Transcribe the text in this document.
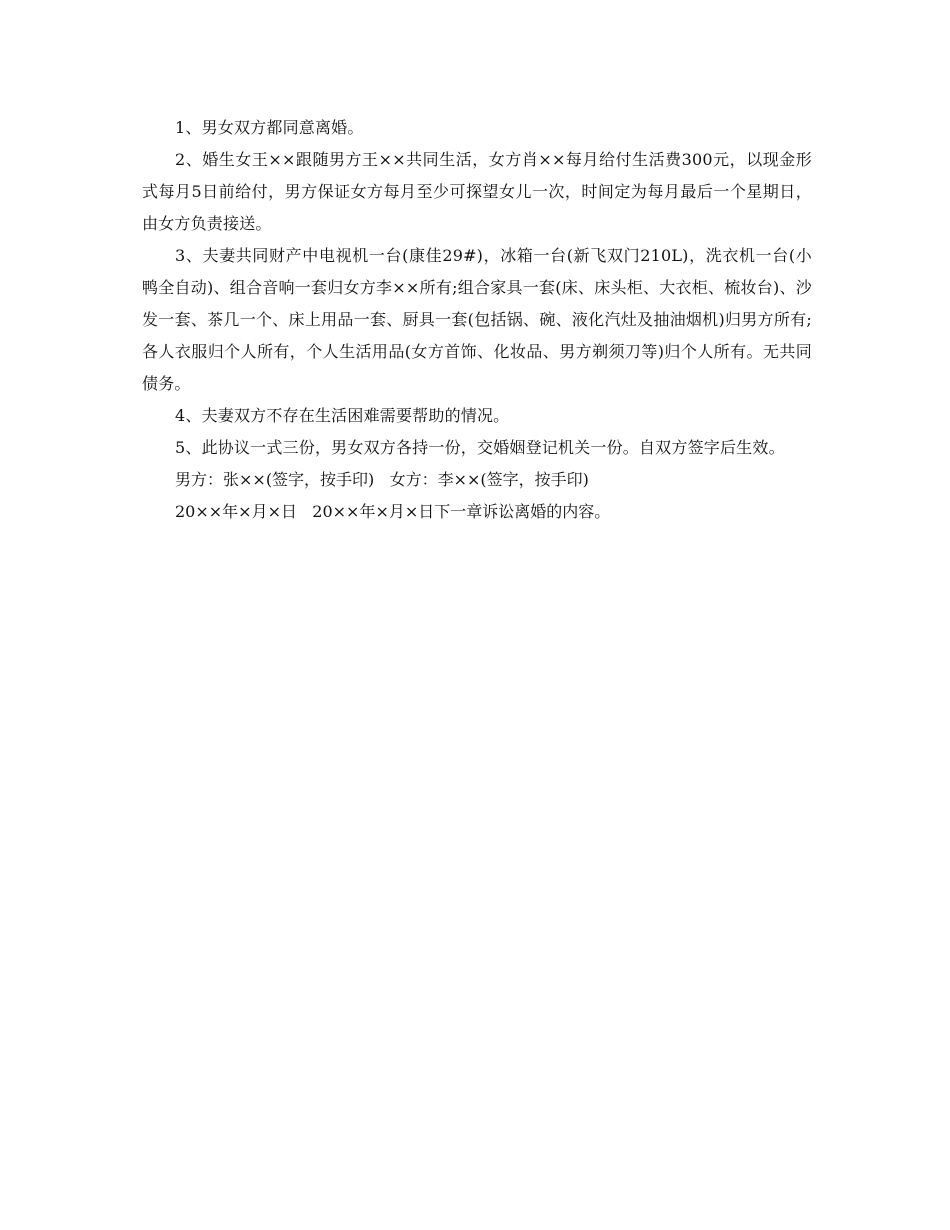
1、男女双方都同意离婚。

2、婚生女王××跟随男方王××共同生活，女方肖××每月给付生活费300元，以现金形式每月5日前给付，男方保证女方每月至少可探望女儿一次，时间定为每月最后一个星期日，由女方负责接送。

3、夫妻共同财产中电视机一台(康佳29#)，冰箱一台(新飞双门210L)，洗衣机一台(小鸭全自动)、组合音响一套归女方李××所有;组合家具一套(床、床头柜、大衣柜、梳妆台)、沙发一套、茶几一个、床上用品一套、厨具一套(包括锅、碗、液化汽灶及抽油烟机)归男方所有;各人衣服归个人所有，个人生活用品(女方首饰、化妆品、男方剃须刀等)归个人所有。无共同债务。

4、夫妻双方不存在生活困难需要帮助的情况。

5、此协议一式三份，男女双方各持一份，交婚姻登记机关一份。自双方签字后生效。

男方：张××(签字，按手印) 女方：李××(签字，按手印)

20××年×月×日 20××年×月×日下一章诉讼离婚的内容。
